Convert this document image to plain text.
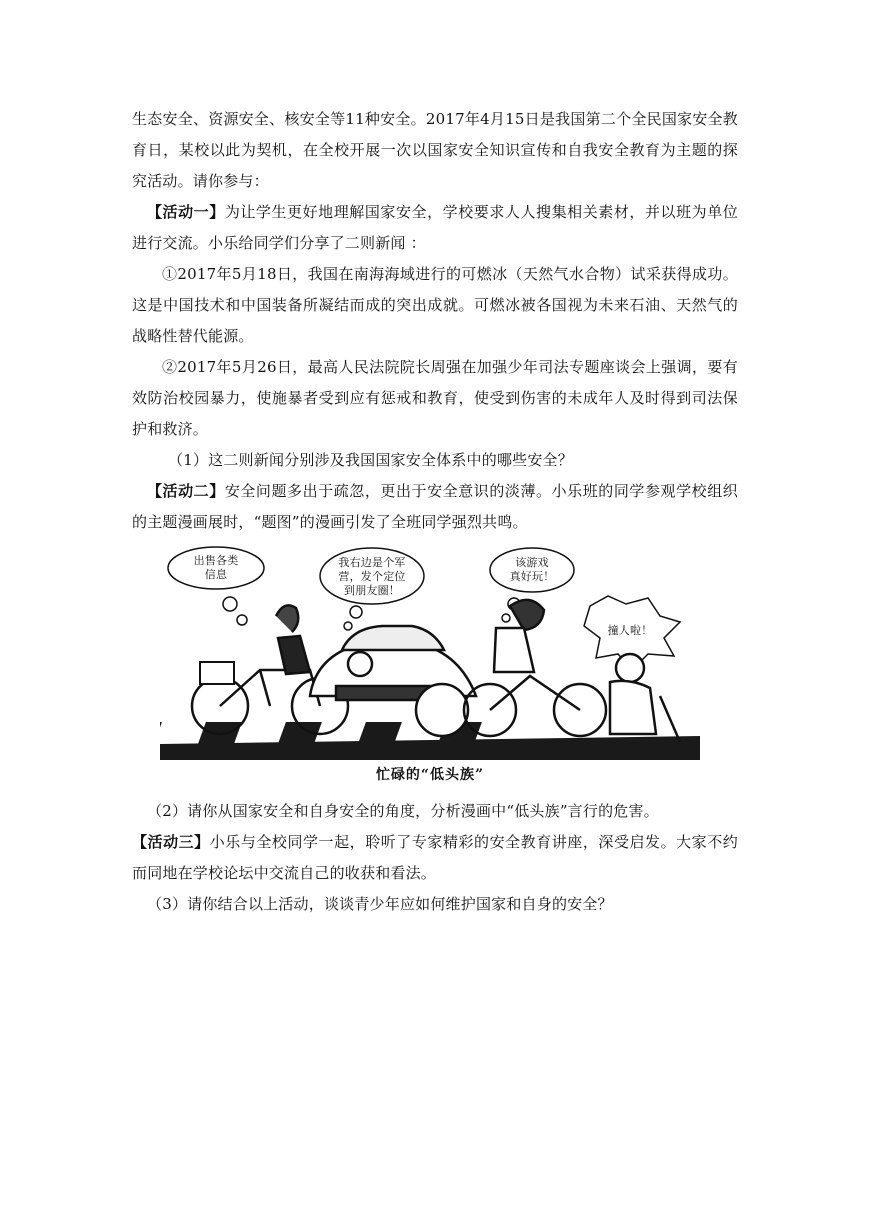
生态安全、资源安全、核安全等11种安全。2017年4月15日是我国第二个全民国家安全教育日，某校以此为契机，在全校开展一次以国家安全知识宣传和自我安全教育为主题的探究活动。请你参与：

【活动一】为让学生更好地理解国家安全，学校要求人人搜集相关素材，并以班为单位进行交流。小乐给同学们分享了二则新闻 ：

①2017年5月18日，我国在南海海域进行的可燃冰（天然气水合物）试采获得成功。这是中国技术和中国装备所凝结而成的突出成就。可燃冰被各国视为未来石油、天然气的战略性替代能源。

②2017年5月26日，最高人民法院院长周强在加强少年司法专题座谈会上强调，要有效防治校园暴力，使施暴者受到应有惩戒和教育，使受到伤害的未成年人及时得到司法保护和救济。

（1）这二则新闻分别涉及我国国家安全体系中的哪些安全？

【活动二】安全问题多出于疏忽，更出于安全意识的淡薄。小乐班的同学参观学校组织的主题漫画展时，“题图”的漫画引发了全班同学强烈共鸣。

出售各类
信息
我右边是个军
营，发个定位
到朋友圈！
该游戏
真好玩！
撞人啦！
忙碌的“低头族”

（2）请你从国家安全和自身安全的角度，分析漫画中“低头族”言行的危害。

【活动三】小乐与全校同学一起，聆听了专家精彩的安全教育讲座，深受启发。大家不约而同地在学校论坛中交流自己的收获和看法。

（3）请你结合以上活动，谈谈青少年应如何维护国家和自身的安全？
